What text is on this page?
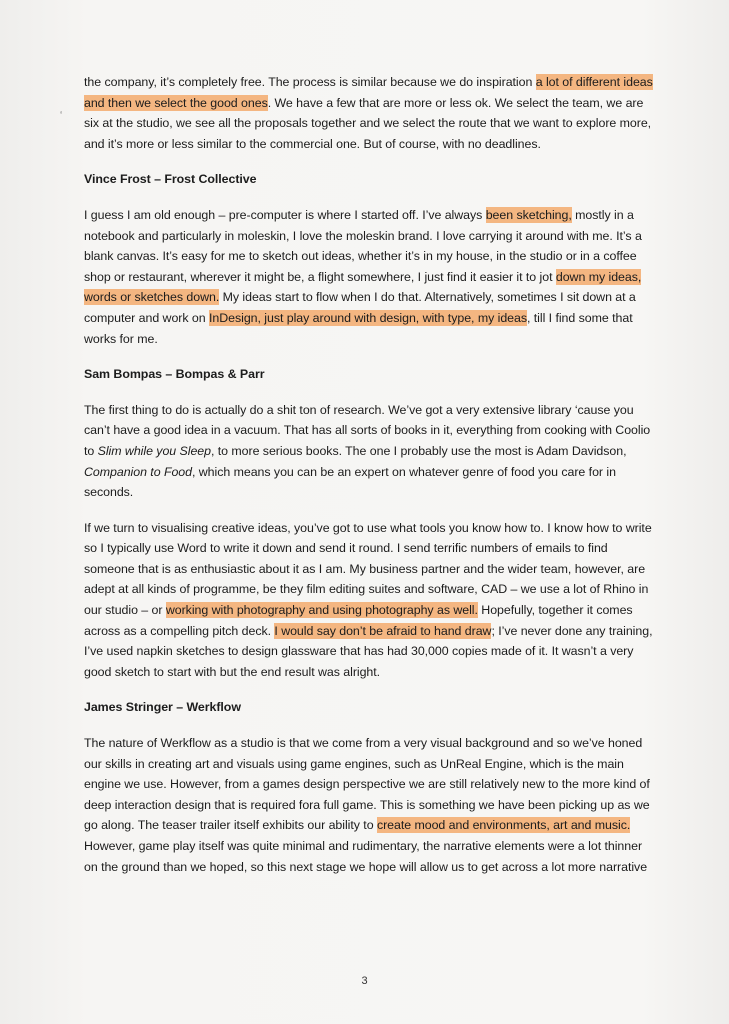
‘

the company, it’s completely free. The process is similar because we do inspiration a lot of different ideas and then we select the good ones. We have a few that are more or less ok. We select the team, we are six at the studio, we see all the proposals together and we select the route that we want to explore more, and it’s more or less similar to the commercial one. But of course, with no deadlines.

Vince Frost – Frost Collective

I guess I am old enough – pre-computer is where I started off. I’ve always been sketching, mostly in a notebook and particularly in moleskin, I love the moleskin brand. I love carrying it around with me. It’s a blank canvas. It’s easy for me to sketch out ideas, whether it’s in my house, in the studio or in a coffee shop or restaurant, wherever it might be, a flight somewhere, I just find it easier it to jot down my ideas, words or sketches down. My ideas start to flow when I do that. Alternatively, sometimes I sit down at a computer and work on InDesign, just play around with design, with type, my ideas, till I find some that works for me.

Sam Bompas – Bompas & Parr

The first thing to do is actually do a shit ton of research. We’ve got a very extensive library ‘cause you can’t have a good idea in a vacuum. That has all sorts of books in it, everything from cooking with Coolio to Slim while you Sleep, to more serious books. The one I probably use the most is Adam Davidson, Companion to Food, which means you can be an expert on whatever genre of food you care for in seconds.

If we turn to visualising creative ideas, you’ve got to use what tools you know how to. I know how to write so I typically use Word to write it down and send it round. I send terrific numbers of emails to find someone that is as enthusiastic about it as I am. My business partner and the wider team, however, are adept at all kinds of programme, be they film editing suites and software, CAD – we use a lot of Rhino in our studio – or working with photography and using photography as well. Hopefully, together it comes across as a compelling pitch deck. I would say don’t be afraid to hand draw; I’ve never done any training, I’ve used napkin sketches to design glassware that has had 30,000 copies made of it. It wasn’t a very good sketch to start with but the end result was alright.

James Stringer – Werkflow

The nature of Werkflow as a studio is that we come from a very visual background and so we’ve honed our skills in creating art and visuals using game engines, such as UnReal Engine, which is the main engine we use. However, from a games design perspective we are still relatively new to the more kind of deep interaction design that is required fora full game. This is something we have been picking up as we go along. The teaser trailer itself exhibits our ability to create mood and environments, art and music. However, game play itself was quite minimal and rudimentary, the narrative elements were a lot thinner on the ground than we hoped, so this next stage we hope will allow us to get across a lot more narrative

3
